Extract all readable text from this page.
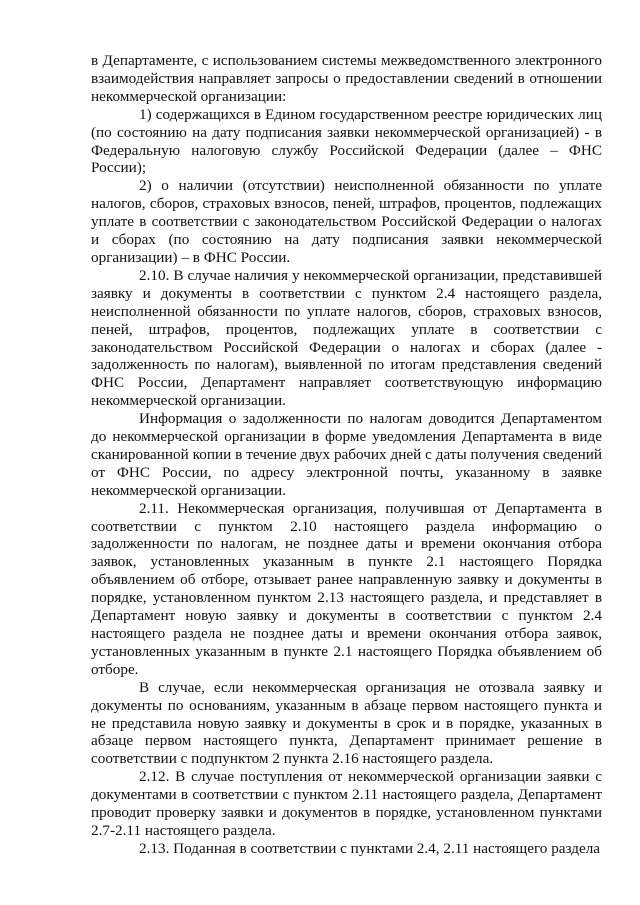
в Департаменте, с использованием системы межведомственного электронного взаимодействия направляет запросы о предоставлении сведений в отношении некоммерческой организации:

1) содержащихся в Едином государственном реестре юридических лиц (по состоянию на дату подписания заявки некоммерческой организацией) - в Федеральную налоговую службу Российской Федерации (далее – ФНС России);

2) о наличии (отсутствии) неисполненной обязанности по уплате налогов, сборов, страховых взносов, пеней, штрафов, процентов, подлежащих уплате в соответствии с законодательством Российской Федерации о налогах и сборах (по состоянию на дату подписания заявки некоммерческой организации) – в ФНС России.

2.10. В случае наличия у некоммерческой организации, представившей заявку и документы в соответствии с пунктом 2.4 настоящего раздела, неисполненной обязанности по уплате налогов, сборов, страховых взносов, пеней, штрафов, процентов, подлежащих уплате в соответствии с законодательством Российской Федерации о налогах и сборах (далее - задолженность по налогам), выявленной по итогам представления сведений ФНС России, Департамент направляет соответствующую информацию некоммерческой организации.

Информация о задолженности по налогам доводится Департаментом до некоммерческой организации в форме уведомления Департамента в виде сканированной копии в течение двух рабочих дней с даты получения сведений от ФНС России, по адресу электронной почты, указанному в заявке некоммерческой организации.

2.11. Некоммерческая организация, получившая от Департамента в соответствии с пунктом 2.10 настоящего раздела информацию о задолженности по налогам, не позднее даты и времени окончания отбора заявок, установленных указанным в пункте 2.1 настоящего Порядка объявлением об отборе, отзывает ранее направленную заявку и документы в порядке, установленном пунктом 2.13 настоящего раздела, и представляет в Департамент новую заявку и документы в соответствии с пунктом 2.4 настоящего раздела не позднее даты и времени окончания отбора заявок, установленных указанным в пункте 2.1 настоящего Порядка объявлением об отборе.

В случае, если некоммерческая организация не отозвала заявку и документы по основаниям, указанным в абзаце первом настоящего пункта и не представила новую заявку и документы в срок и в порядке, указанных в абзаце первом настоящего пункта, Департамент принимает решение в соответствии с подпунктом 2 пункта 2.16 настоящего раздела.

2.12. В случае поступления от некоммерческой организации заявки с документами в соответствии с пунктом 2.11 настоящего раздела, Департамент проводит проверку заявки и документов в порядке, установленном пунктами 2.7-2.11 настоящего раздела.

2.13. Поданная в соответствии с пунктами 2.4, 2.11 настоящего раздела
